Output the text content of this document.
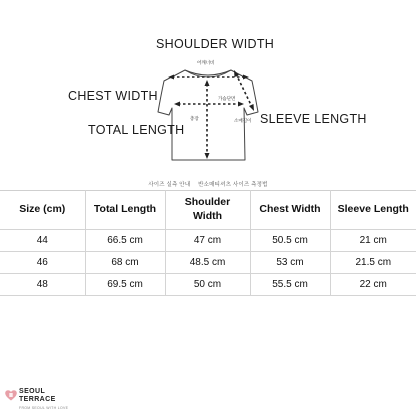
어깨너비
가슴단면
총장	소매길이
SHOULDER WIDTH
CHEST WIDTH
TOTAL LENGTH
SLEEVE LENGTH
사이즈 실측 안내 반소매티셔츠 사이즈 측정법
Size (cm)	Total Length	Shoulder Width	Chest Width	Sleeve Length
44	66.5 cm	47 cm	50.5 cm	21 cm
46	68 cm	48.5 cm	53 cm	21.5 cm
48	69.5 cm	50 cm	55.5 cm	22 cm
SEOUL
TERRACE
FROM SEOUL WITH LOVE
